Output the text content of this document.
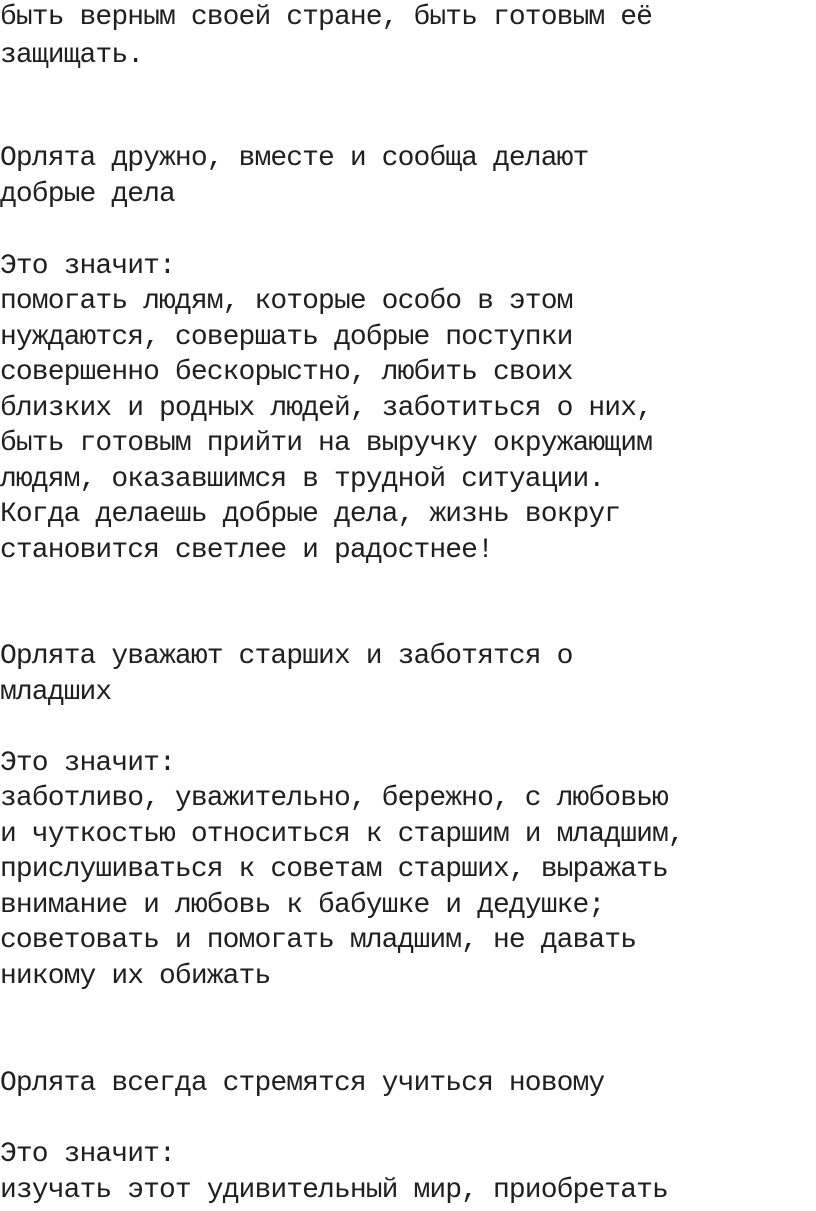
быть верным своей стране, быть готовым её

защищать.

Орлята дружно, вместе и сообща делают

добрые дела

Это значит:

помогать людям, которые особо в этом

нуждаются, совершать добрые поступки

совершенно бескорыстно, любить своих

близких и родных людей, заботиться о них,

быть готовым прийти на выручку окружающим

людям, оказавшимся в трудной ситуации.

Когда делаешь добрые дела, жизнь вокруг

становится светлее и радостнее!

Орлята уважают старших и заботятся о

младших

Это значит:

заботливо, уважительно, бережно, с любовью

и чуткостью относиться к старшим и младшим,

прислушиваться к советам старших, выражать

внимание и любовь к бабушке и дедушке;

советовать и помогать младшим, не давать

никому их обижать

Орлята всегда стремятся учиться новому

Это значит:

изучать этот удивительный мир, приобретать
